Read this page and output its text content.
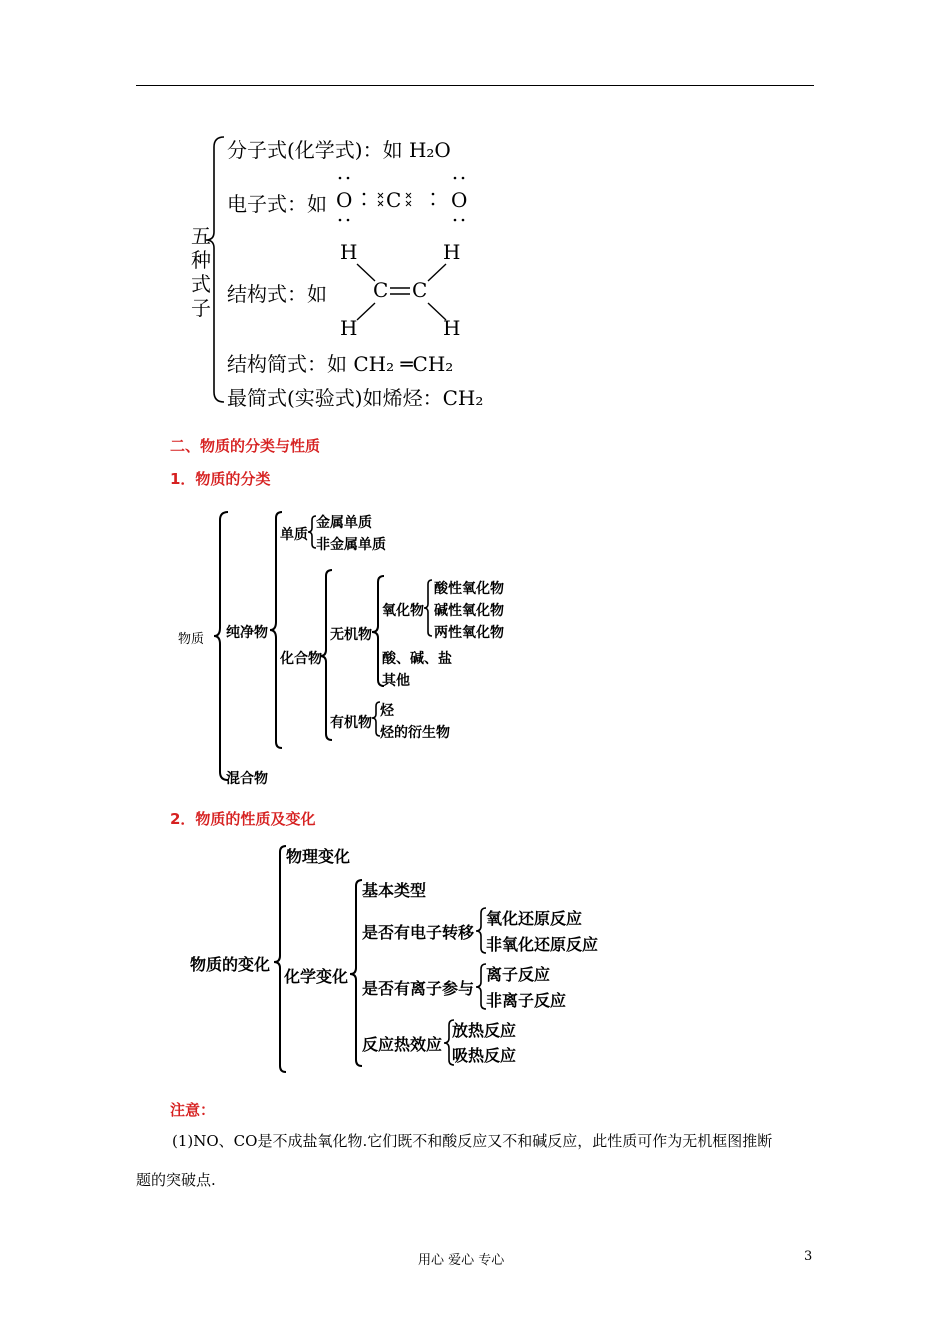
五种式子
分子式(化学式)：如 H₂O
电子式：如 O C O
结构式：如
H	H
C C
H	H
结构简式：如 CH₂ ═CH₂
最简式(实验式)如烯烃：CH₂
二、物质的分类与性质
1．物质的分类
物质 纯净物
混合物
单质
金属单质
非金属单质
化合物
无机物
氧化物
酸性氧化物
碱性氧化物
两性氧化物
酸、碱、盐
其他
有机物
烃
烃的衍生物
2．物质的性质及变化
物质的变化
物理变化
化学变化
基本类型
是否有电子转移
氧化还原反应
非氧化还原反应
是否有离子参与
离子反应
非离子反应
反应热效应
放热反应
吸热反应
注意：
(1)NO、CO是不成盐氧化物.它们既不和酸反应又不和碱反应，此性质可作为无机框图推断
题的突破点.
用心 爱心 专心	3
